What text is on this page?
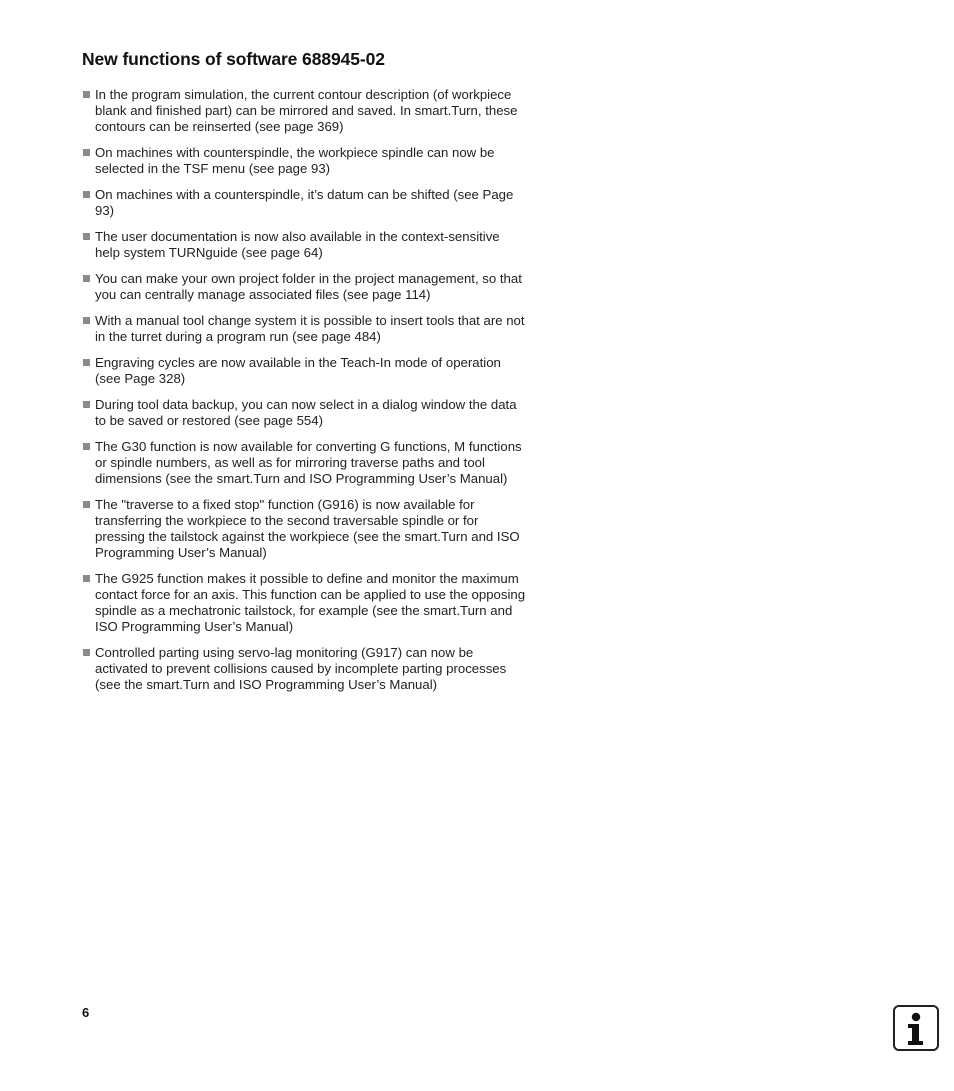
New functions of software 688945-02
In the program simulation, the current contour description (of workpiece blank and finished part) can be mirrored and saved. In smart.Turn, these contours can be reinserted (see page 369)
On machines with counterspindle, the workpiece spindle can now be selected in the TSF menu (see page 93)
On machines with a counterspindle, it’s datum can be shifted (see Page 93)
The user documentation is now also available in the context-sensitive help system TURNguide (see page 64)
You can make your own project folder in the project management, so that you can centrally manage associated files (see page 114)
With a manual tool change system it is possible to insert tools that are not in the turret during a program run (see page 484)
Engraving cycles are now available in the Teach-In mode of operation (see Page 328)
During tool data backup, you can now select in a dialog window the data to be saved or restored (see page 554)
The G30 function is now available for converting G functions, M functions or spindle numbers, as well as for mirroring traverse paths and tool dimensions (see the smart.Turn and ISO Programming User’s Manual)
The "traverse to a fixed stop" function (G916) is now available for transferring the workpiece to the second traversable spindle or for pressing the tailstock against the workpiece (see the smart.Turn and ISO Programming User’s Manual)
The G925 function makes it possible to define and monitor the maximum contact force for an axis. This function can be applied to use the opposing spindle as a mechatronic tailstock, for example (see the smart.Turn and ISO Programming User’s Manual)
Controlled parting using servo-lag monitoring (G917) can now be activated to prevent collisions caused by incomplete parting processes (see the smart.Turn and ISO Programming User’s Manual)
6
